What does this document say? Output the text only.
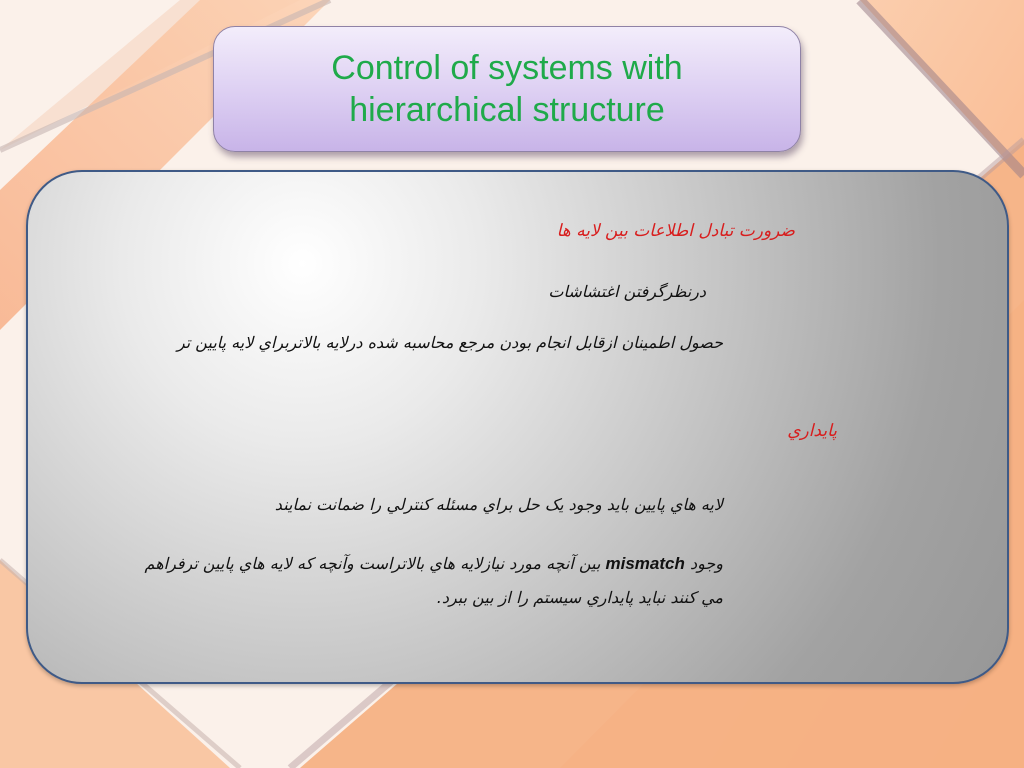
Control of systems with
hierarchical structure

ضرورت تبادل اطلاعات بين لايه ها
درنظرگرفتن اغتشاشات
حصول اطمينان ازقابل انجام بودن مرجع محاسبه شده درلايه بالاتربراي لايه پايين تر
پايداري
لايه هاي پايين بايد وجود يک حل براي مسئله کنترلي را ضمانت نمايند
وجود mismatch بين آنچه مورد نيازلايه هاي بالاتراست وآنچه که لايه هاي پايين ترفراهم
مي کنند نبايد پايداري سيستم را از بين ببرد.
